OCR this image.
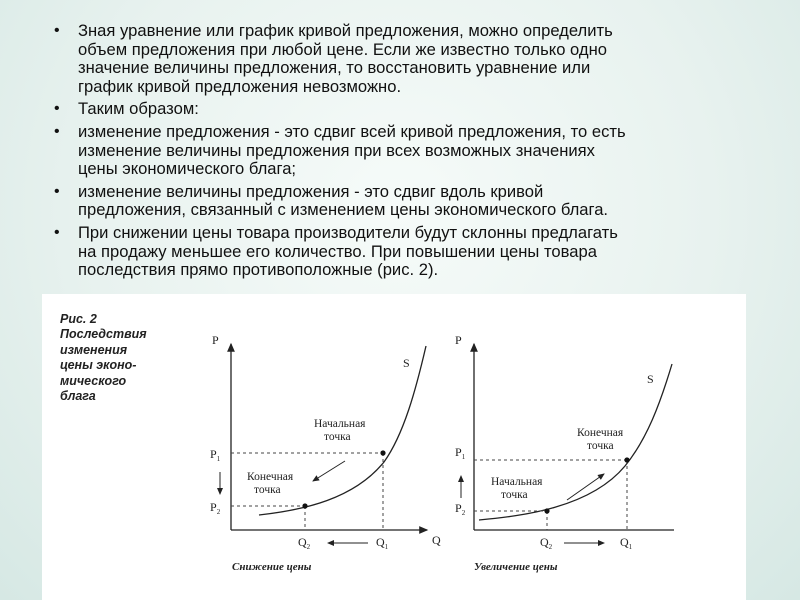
• Зная уравнение или график кривой предложения, можно определить
объем предложения при любой цене. Если же известно только одно
значение величины предложения, то восстановить уравнение или
график кривой предложения невозможно.
• Таким образом:
• изменение предложения - это сдвиг всей кривой предложения, то есть
изменение величины предложения при всех возможных значениях
цены экономического блага;
• изменение величины предложения - это сдвиг вдоль кривой
предложения, связанный с изменением цены экономического блага.
• При снижении цены товара производители будут склонны предлагать
на продажу меньшее его количество. При повышении цены товара
последствия прямо противоположные (рис. 2).
Рис. 2
Последствия
изменения
цены эконо-
мического
блага
P
Q
S
$P_1$
$P_2$
$Q_2$	$Q_1$
Начальная точка
Конечная точка
Снижение цены
P
S
$P_1$
$P_2$
$Q_2$	$Q_1$
Конечная точка
Начальная точка
Увеличение цены
